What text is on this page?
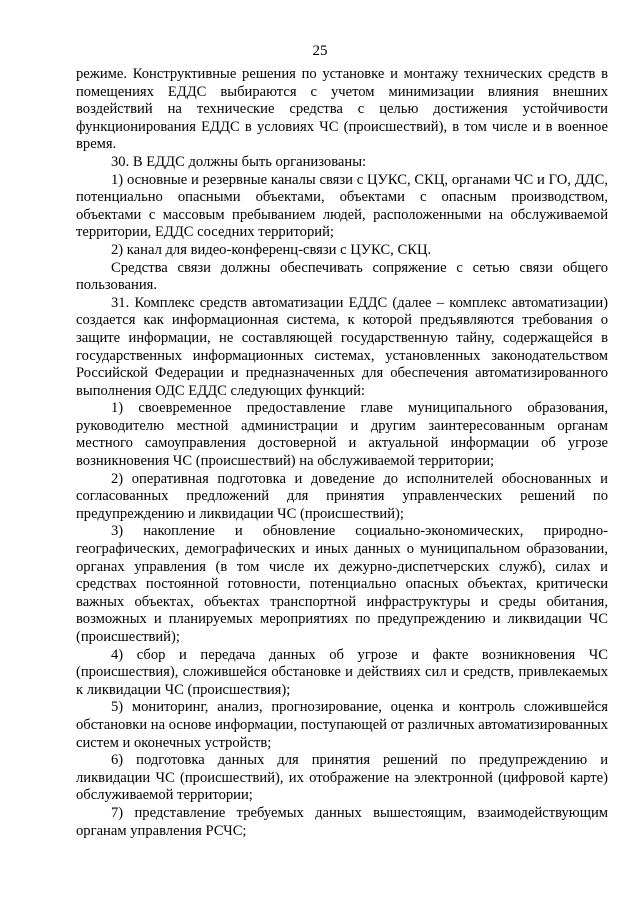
25

режиме. Конструктивные решения по установке и монтажу технических средств в помещениях ЕДДС выбираются с учетом минимизации влияния внешних воздействий на технические средства с целью достижения устойчивости функционирования ЕДДС в условиях ЧС (происшествий), в том числе и в военное время.

30. В ЕДДС должны быть организованы:

1) основные и резервные каналы связи с ЦУКС, СКЦ, органами ЧС и ГО, ДДС, потенциально опасными объектами, объектами с опасным производством, объектами с массовым пребыванием людей, расположенными на обслуживаемой территории, ЕДДС соседних территорий;

2) канал для видео-конференц-связи с ЦУКС, СКЦ.

Средства связи должны обеспечивать сопряжение с сетью связи общего пользования.

31. Комплекс средств автоматизации ЕДДС (далее – комплекс автоматизации) создается как информационная система, к которой предъявляются требования о защите информации, не составляющей государственную тайну, содержащейся в государственных информационных системах, установленных законодательством Российской Федерации и предназначенных для обеспечения автоматизированного выполнения ОДС ЕДДС следующих функций:

1) своевременное предоставление главе муниципального образования, руководителю местной администрации и другим заинтересованным органам местного самоуправления достоверной и актуальной информации об угрозе возникновения ЧС (происшествий) на обслуживаемой территории;

2) оперативная подготовка и доведение до исполнителей обоснованных и согласованных предложений для принятия управленческих решений по предупреждению и ликвидации ЧС (происшествий);

3) накопление и обновление социально-экономических, природно-географических, демографических и иных данных о муниципальном образовании, органах управления (в том числе их дежурно-диспетчерских служб), силах и средствах постоянной готовности, потенциально опасных объектах, критически важных объектах, объектах транспортной инфраструктуры и среды обитания, возможных и планируемых мероприятиях по предупреждению и ликвидации ЧС (происшествий);

4) сбор и передача данных об угрозе и факте возникновения ЧС (происшествия), сложившейся обстановке и действиях сил и средств, привлекаемых к ликвидации ЧС (происшествия);

5) мониторинг, анализ, прогнозирование, оценка и контроль сложившейся обстановки на основе информации, поступающей от различных автоматизированных систем и оконечных устройств;

6) подготовка данных для принятия решений по предупреждению и ликвидации ЧС (происшествий), их отображение на электронной (цифровой карте) обслуживаемой территории;

7) представление требуемых данных вышестоящим, взаимодействующим органам управления РСЧС;
